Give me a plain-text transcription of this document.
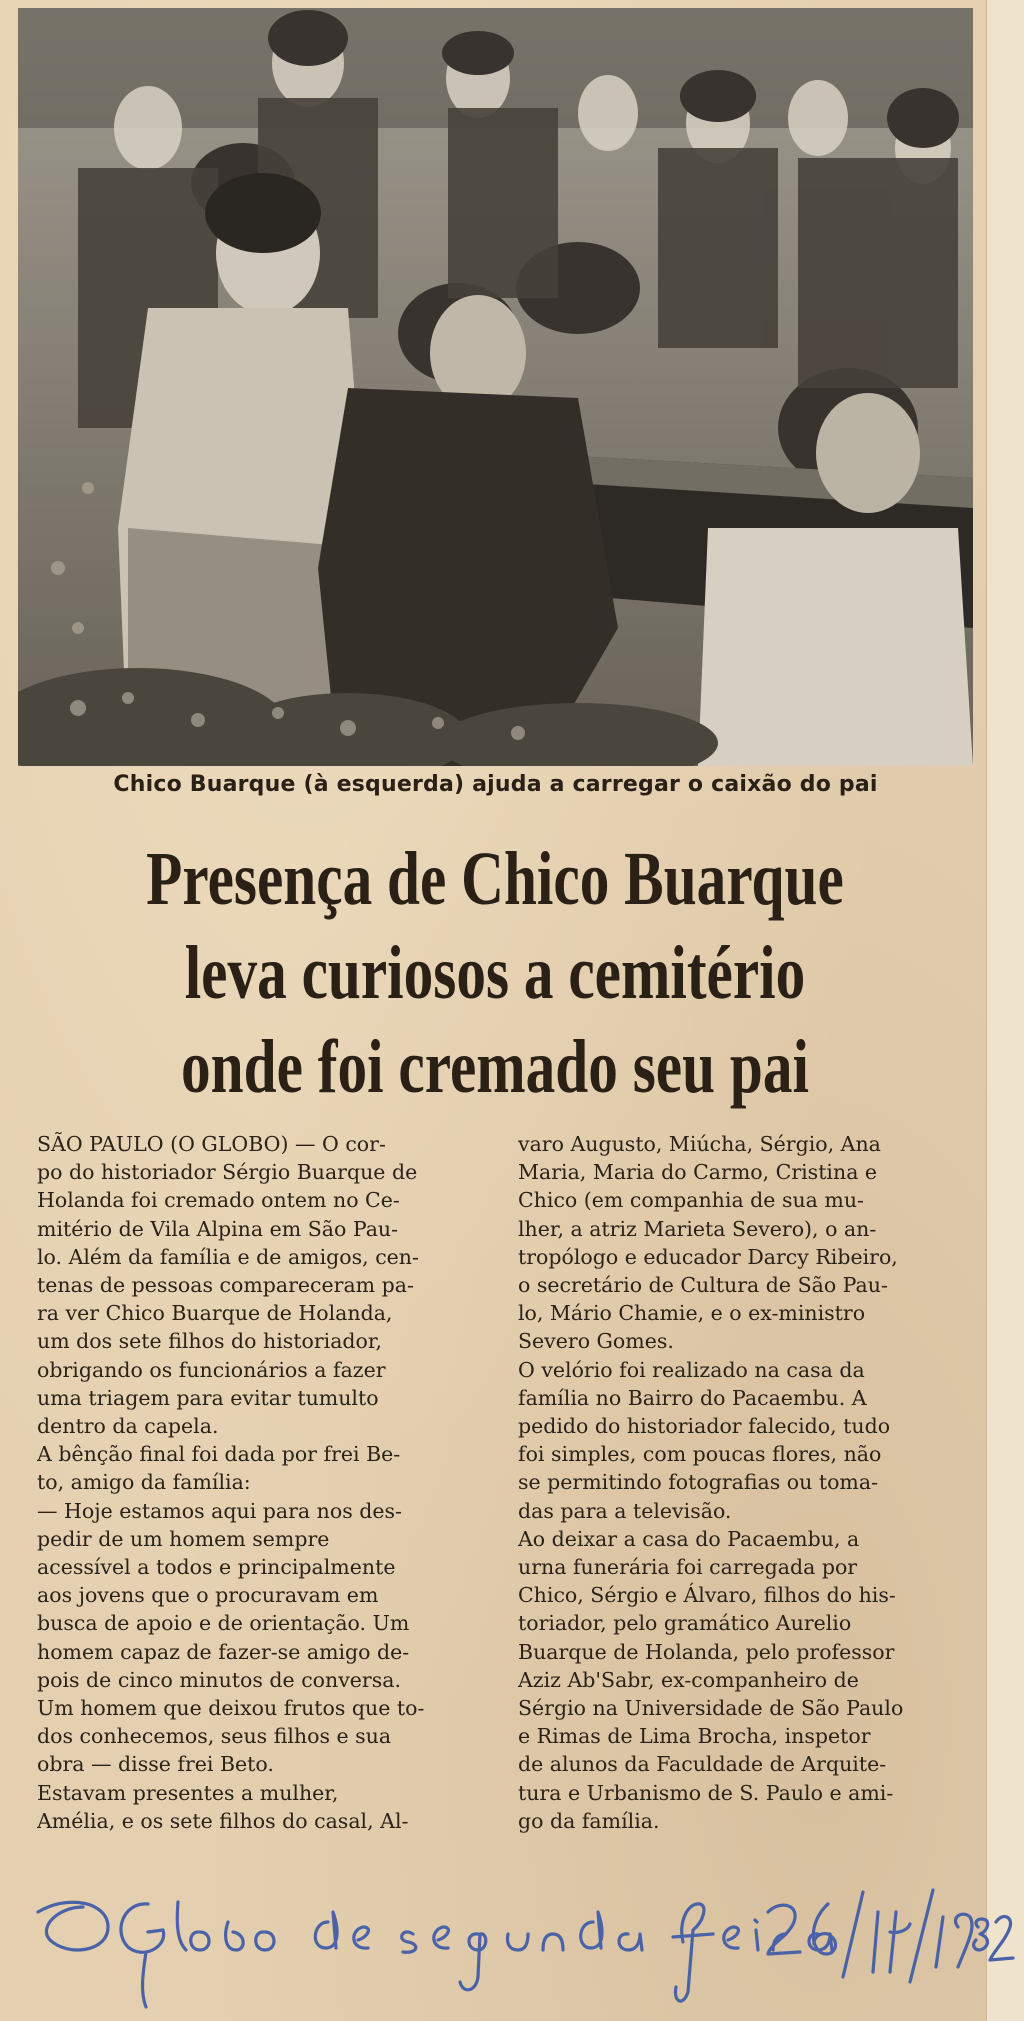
Chico Buarque (à esquerda) ajuda a carregar o caixão do pai
Presença de Chico Buarque
leva curiosos a cemitério
onde foi cremado seu pai
SÃO PAULO (O GLOBO) — O cor-
po do historiador Sérgio Buarque de
Holanda foi cremado ontem no Ce-
mitério de Vila Alpina em São Pau-
lo. Além da família e de amigos, cen-
tenas de pessoas compareceram pa-
ra ver Chico Buarque de Holanda,
um dos sete filhos do historiador,
obrigando os funcionários a fazer
uma triagem para evitar tumulto
dentro da capela.
A bênção final foi dada por frei Be-
to, amigo da família:
— Hoje estamos aqui para nos des-
pedir de um homem sempre
acessível a todos e principalmente
aos jovens que o procuravam em
busca de apoio e de orientação. Um
homem capaz de fazer-se amigo de-
pois de cinco minutos de conversa.
Um homem que deixou frutos que to-
dos conhecemos, seus filhos e sua
obra — disse frei Beto.
Estavam presentes a mulher,
Amélia, e os sete filhos do casal, Al-
varo Augusto, Miúcha, Sérgio, Ana
Maria, Maria do Carmo, Cristina e
Chico (em companhia de sua mu-
lher, a atriz Marieta Severo), o an-
tropólogo e educador Darcy Ribeiro,
o secretário de Cultura de São Pau-
lo, Mário Chamie, e o ex-ministro
Severo Gomes.
O velório foi realizado na casa da
família no Bairro do Pacaembu. A
pedido do historiador falecido, tudo
foi simples, com poucas flores, não
se permitindo fotografias ou toma-
das para a televisão.
Ao deixar a casa do Pacaembu, a
urna funerária foi carregada por
Chico, Sérgio e Álvaro, filhos do his-
toriador, pelo gramático Aurelio
Buarque de Holanda, pelo professor
Aziz Ab'Sabr, ex-companheiro de
Sérgio na Universidade de São Paulo
e Rimas de Lima Brocha, inspetor
de alunos da Faculdade de Arquite-
tura e Urbanismo de S. Paulo e ami-
go da família.
